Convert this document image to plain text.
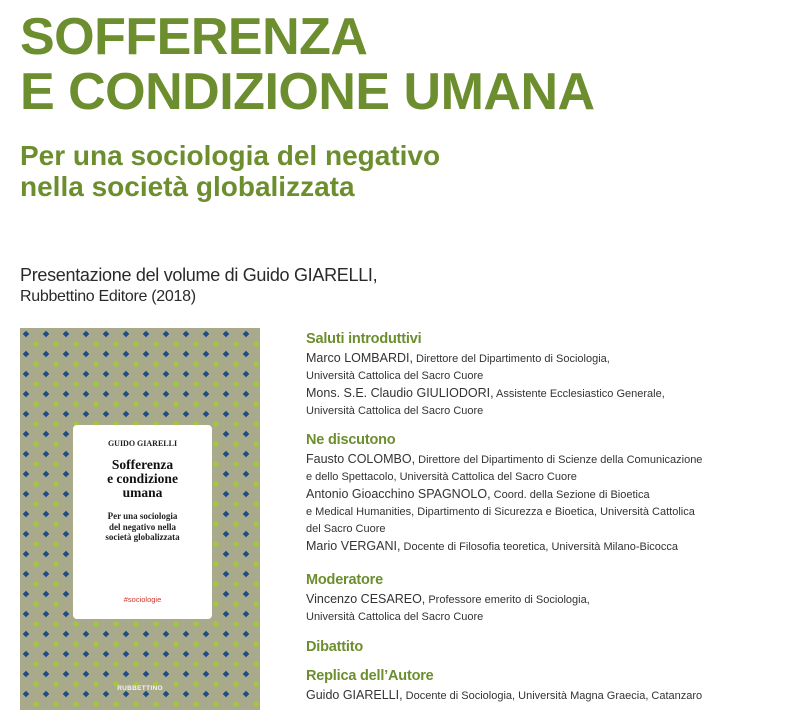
SOFFERENZA
E CONDIZIONE UMANA
Per una sociologia del negativo
nella società globalizzata
Presentazione del volume di Guido GIARELLI,
Rubbettino Editore (2018)
GUIDO GIARELLI
Sofferenza
e condizione
umana
Per una sociologia
del negativo nella
società globalizzata
#sociologie
RUBBETTINO
Saluti introduttivi
Marco LOMBARDI, Direttore del Dipartimento di Sociologia,
Università Cattolica del Sacro Cuore
Mons. S.E. Claudio GIULIODORI, Assistente Ecclesiastico Generale,
Università Cattolica del Sacro Cuore
Ne discutono
Fausto COLOMBO, Direttore del Dipartimento di Scienze della Comunicazione
e dello Spettacolo, Università Cattolica del Sacro Cuore
Antonio Gioacchino SPAGNOLO, Coord. della Sezione di Bioetica
e Medical Humanities, Dipartimento di Sicurezza e Bioetica, Università Cattolica
del Sacro Cuore
Mario VERGANI, Docente di Filosofia teoretica, Università Milano-Bicocca
Moderatore
Vincenzo CESAREO, Professore emerito di Sociologia,
Università Cattolica del Sacro Cuore
Dibattito
Replica dell’Autore
Guido GIARELLI, Docente di Sociologia, Università Magna Graecia, Catanzaro
